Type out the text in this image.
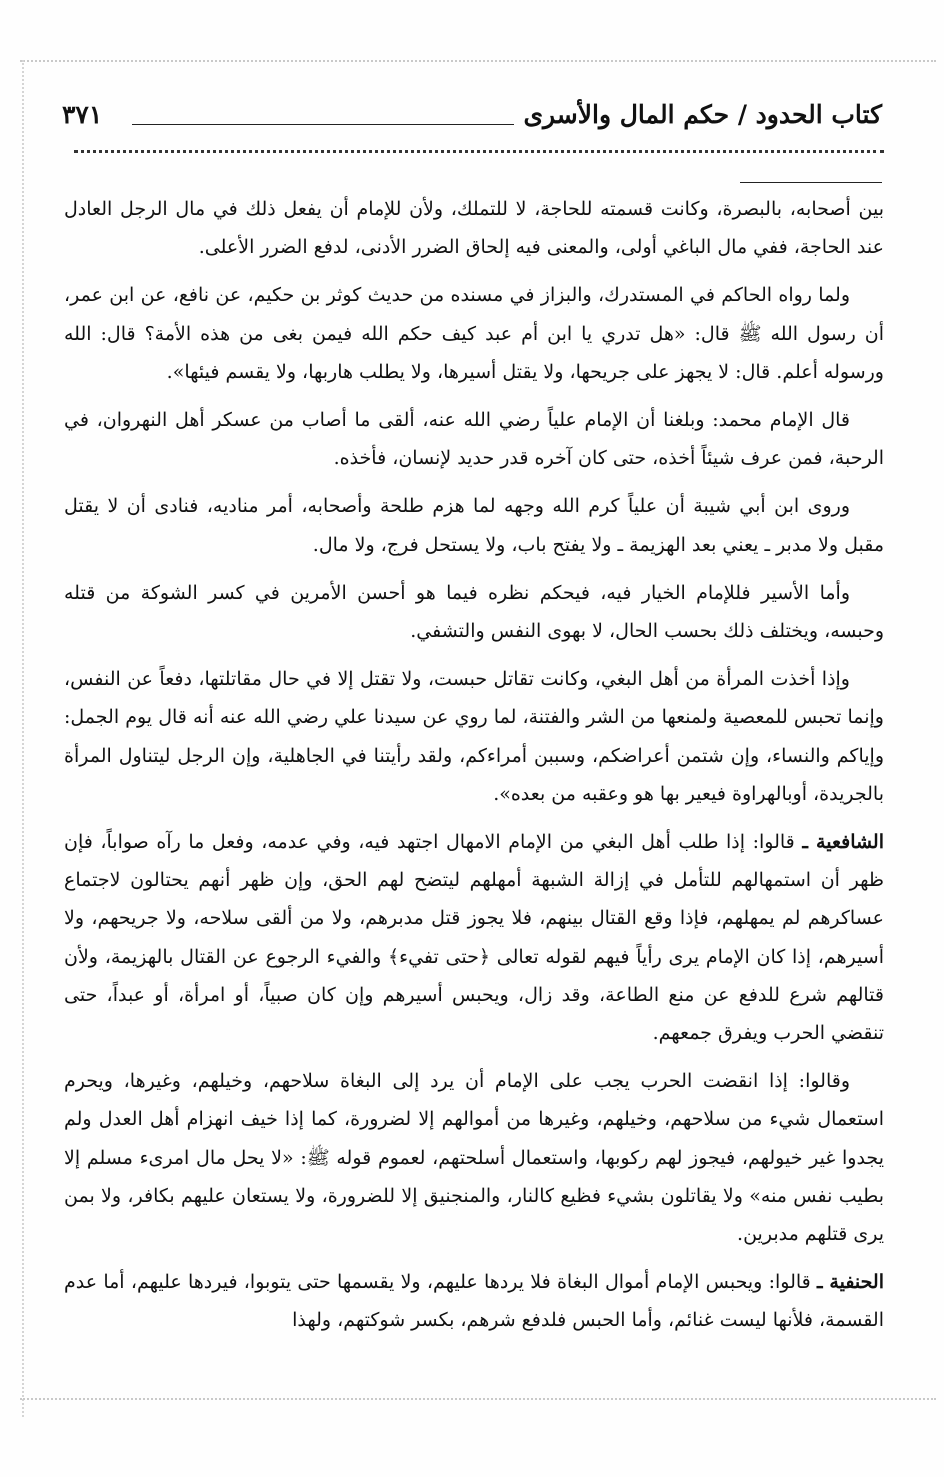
كتاب الحدود / حكم المال والأسرى
٣٧١

بين أصحابه، بالبصرة، وكانت قسمته للحاجة، لا للتملك، ولأن للإمام أن يفعل ذلك في مال الرجل العادل عند الحاجة، ففي مال الباغي أولى، والمعنى فيه إلحاق الضرر الأدنى، لدفع الضرر الأعلى.

ولما رواه الحاكم في المستدرك، والبزاز في مسنده من حديث كوثر بن حكيم، عن نافع، عن ابن عمر، أن رسول الله ﷺ قال: «هل تدري يا ابن أم عبد كيف حكم الله فيمن بغى من هذه الأمة؟ قال: الله ورسوله أعلم. قال: لا يجهز على جريحها، ولا يقتل أسيرها، ولا يطلب هاربها، ولا يقسم فيئها».

قال الإمام محمد: وبلغنا أن الإمام علياً رضي الله عنه، ألقى ما أصاب من عسكر أهل النهروان، في الرحبة، فمن عرف شيئاً أخذه، حتى كان آخره قدر حديد لإنسان، فأخذه.

وروى ابن أبي شيبة أن علياً كرم الله وجهه لما هزم طلحة وأصحابه، أمر مناديه، فنادى أن لا يقتل مقبل ولا مدبر ـ يعني بعد الهزيمة ـ ولا يفتح باب، ولا يستحل فرج، ولا مال.

وأما الأسير فللإمام الخيار فيه، فيحكم نظره فيما هو أحسن الأمرين في كسر الشوكة من قتله وحبسه، ويختلف ذلك بحسب الحال، لا بهوى النفس والتشفي.

وإذا أخذت المرأة من أهل البغي، وكانت تقاتل حبست، ولا تقتل إلا في حال مقاتلتها، دفعاً عن النفس، وإنما تحبس للمعصية ولمنعها من الشر والفتنة، لما روي عن سيدنا علي رضي الله عنه أنه قال يوم الجمل: وإياكم والنساء، وإن شتمن أعراضكم، وسببن أمراءكم، ولقد رأيتنا في الجاهلية، وإن الرجل ليتناول المرأة بالجريدة، أوبالهراوة فيعير بها هو وعقبه من بعده».

الشافعية ـ قالوا: إذا طلب أهل البغي من الإمام الامهال اجتهد فيه، وفي عدمه، وفعل ما رآه صواباً، فإن ظهر أن استمهالهم للتأمل في إزالة الشبهة أمهلهم ليتضح لهم الحق، وإن ظهر أنهم يحتالون لاجتماع عساكرهم لم يمهلهم، فإذا وقع القتال بينهم، فلا يجوز قتل مدبرهم، ولا من ألقى سلاحه، ولا جريحهم، ولا أسيرهم، إذا كان الإمام يرى رأياً فيهم لقوله تعالى ﴿حتى تفيء﴾ والفيء الرجوع عن القتال بالهزيمة، ولأن قتالهم شرع للدفع عن منع الطاعة، وقد زال، ويحبس أسيرهم وإن كان صبياً، أو امرأة، أو عبداً، حتى تنقضي الحرب ويفرق جمعهم.

وقالوا: إذا انقضت الحرب يجب على الإمام أن يرد إلى البغاة سلاحهم، وخيلهم، وغيرها، ويحرم استعمال شيء من سلاحهم، وخيلهم، وغيرها من أموالهم إلا لضرورة، كما إذا خيف انهزام أهل العدل ولم يجدوا غير خيولهم، فيجوز لهم ركوبها، واستعمال أسلحتهم، لعموم قوله ﷺ: «لا يحل مال امرىء مسلم إلا بطيب نفس منه» ولا يقاتلون بشيء فظيع كالنار، والمنجنيق إلا للضرورة، ولا يستعان عليهم بكافر، ولا بمن يرى قتلهم مدبرين.

الحنفية ـ قالوا: ويحبس الإمام أموال البغاة فلا يردها عليهم، ولا يقسمها حتى يتوبوا، فيردها عليهم، أما عدم القسمة، فلأنها ليست غنائم، وأما الحبس فلدفع شرهم، بكسر شوكتهم، ولهذا
